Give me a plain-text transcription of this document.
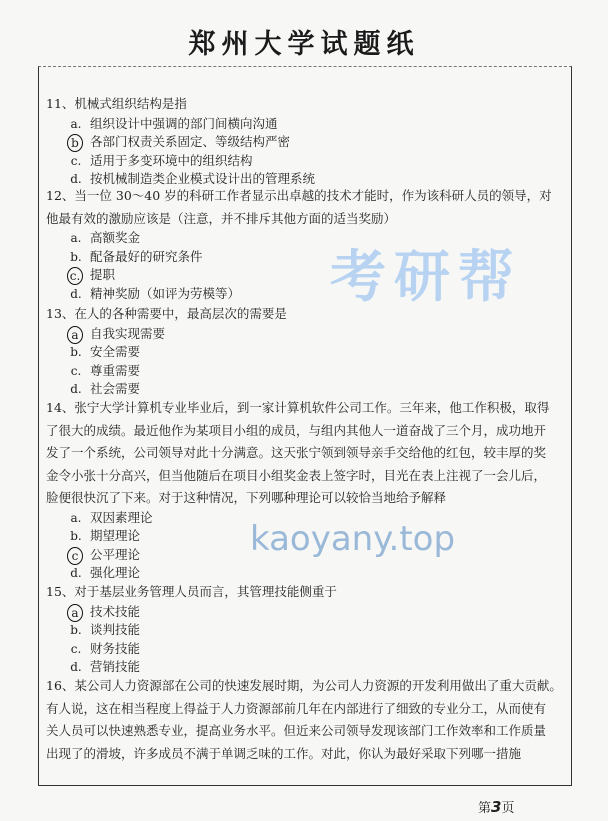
郑州大学试题纸
考研帮
kaoyany.top
11、机械式组织结构是指
a. 组织设计中强调的部门间横向沟通
b 各部门权责关系固定、等级结构严密
c. 适用于多变环境中的组织结构
d. 按机械制造类企业模式设计出的管理系统
12、当一位 30～40 岁的科研工作者显示出卓越的技术才能时，作为该科研人员的领导，对
他最有效的激励应该是（注意，并不排斥其他方面的适当奖励）
a. 高额奖金
b. 配备最好的研究条件
c. 提职
d. 精神奖励（如评为劳模等）
13、在人的各种需要中，最高层次的需要是
a 自我实现需要
b. 安全需要
c. 尊重需要
d. 社会需要
14、张宁大学计算机专业毕业后，到一家计算机软件公司工作。三年来，他工作积极，取得
了很大的成绩。最近他作为某项目小组的成员，与组内其他人一道奋战了三个月，成功地开
发了一个系统，公司领导对此十分满意。这天张宁领到领导亲手交给他的红包，较丰厚的奖
金令小张十分高兴，但当他随后在项目小组奖金表上签字时，目光在表上注视了一会儿后，
脸便很快沉了下来。对于这种情况，下列哪种理论可以较恰当地给予解释
a. 双因素理论
b. 期望理论
c 公平理论
d. 强化理论
15、对于基层业务管理人员而言，其管理技能侧重于
a 技术技能
b. 谈判技能
c. 财务技能
d. 营销技能
16、某公司人力资源部在公司的快速发展时期，为公司人力资源的开发利用做出了重大贡献。
有人说，这在相当程度上得益于人力资源部前几年在内部进行了细致的专业分工，从而使有
关人员可以快速熟悉专业，提高业务水平。但近来公司领导发现该部门工作效率和工作质量
出现了的滑坡，许多成员不满于单调乏味的工作。对此，你认为最好采取下列哪一措施
第3页
